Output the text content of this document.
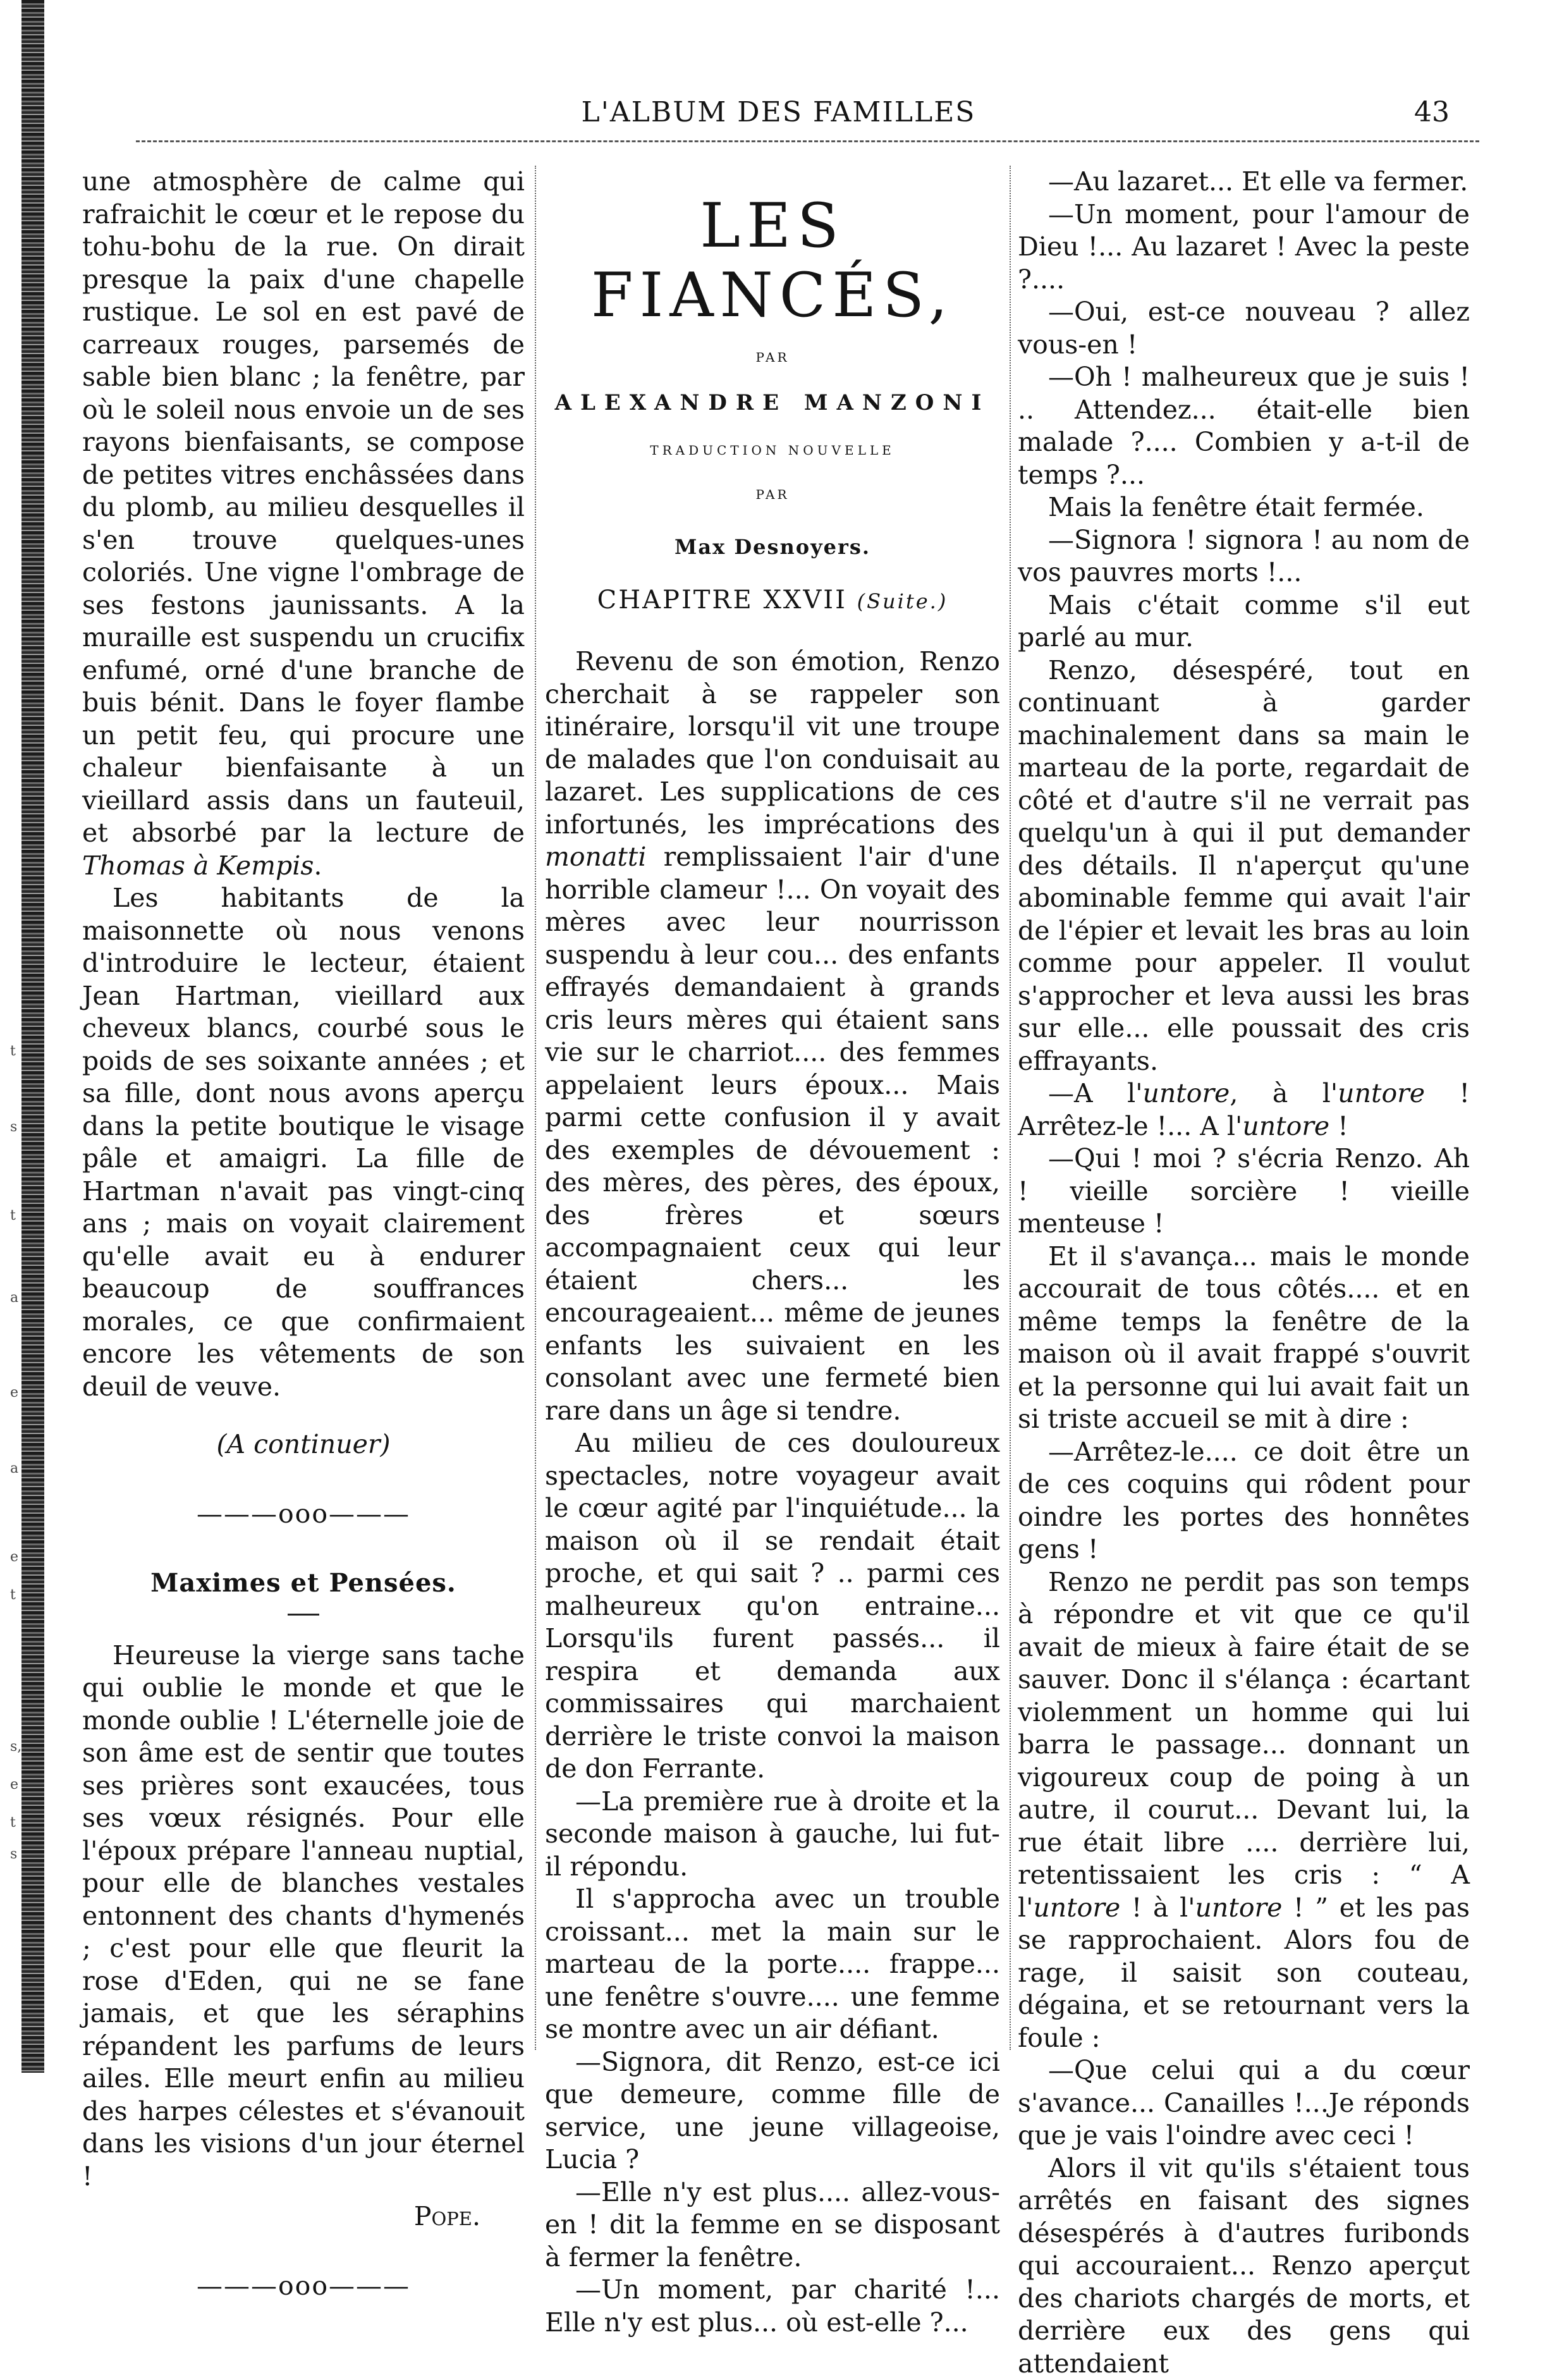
t
s
t
a
e
a
e
t
s,
e
t
s
L'ALBUM DES FAMILLES	43

une atmosphère de calme qui rafraichit le cœur et le repose du tohu-bohu de la rue. On dirait presque la paix d'une chapelle rustique. Le sol en est pavé de carreaux rouges, parsemés de sable bien blanc ; la fenêtre, par où le soleil nous envoie un de ses rayons bienfaisants, se compose de petites vitres enchâssées dans du plomb, au milieu desquelles il s'en trouve quelques-unes coloriés. Une vigne l'ombrage de ses festons jaunissants. A la muraille est suspendu un crucifix enfumé, orné d'une branche de buis bénit. Dans le foyer flambe un petit feu, qui procure une chaleur bienfaisante à un vieillard assis dans un fauteuil, et absorbé par la lecture de Thomas à Kempis.

Les habitants de la maisonnette où nous venons d'introduire le lecteur, étaient Jean Hartman, vieillard aux cheveux blancs, courbé sous le poids de ses soixante années ; et sa fille, dont nous avons aperçu dans la petite boutique le visage pâle et amaigri. La fille de Hartman n'avait pas vingt-cinq ans ; mais on voyait clairement qu'elle avait eu à endurer beaucoup de souffrances morales, ce que confirmaient encore les vêtements de son deuil de veuve.

(A continuer)

———ooo———

Maximes et Pensées.

Heureuse la vierge sans tache qui oublie le monde et que le monde oublie ! L'éternelle joie de son âme est de sentir que toutes ses prières sont exaucées, tous ses vœux résignés. Pour elle l'époux prépare l'anneau nuptial, pour elle de blanches vestales entonnent des chants d'hymenés ; c'est pour elle que fleurit la rose d'Eden, qui ne se fane jamais, et que les séraphins répandent les parfums de leurs ailes. Elle meurt enfin au milieu des harpes célestes et s'évanouit dans les visions d'un jour éternel !

Pope.

———ooo———

LES FIANCÉS,

PAR

ALEXANDRE MANZONI

TRADUCTION NOUVELLE

PAR

Max Desnoyers.

CHAPITRE XXVII (Suite.)

Revenu de son émotion, Renzo cherchait à se rappeler son itinéraire, lorsqu'il vit une troupe de malades que l'on conduisait au lazaret. Les supplications de ces infortunés, les imprécations des monatti remplissaient l'air d'une horrible clameur !... On voyait des mères avec leur nourrisson suspendu à leur cou... des enfants effrayés demandaient à grands cris leurs mères qui étaient sans vie sur le charriot.... des femmes appelaient leurs époux... Mais parmi cette confusion il y avait des exemples de dévouement : des mères, des pères, des époux, des frères et sœurs accompagnaient ceux qui leur étaient chers... les encourageaient... même de jeunes enfants les suivaient en les consolant avec une fermeté bien rare dans un âge si tendre.

Au milieu de ces douloureux spectacles, notre voyageur avait le cœur agité par l'inquiétude... la maison où il se rendait était proche, et qui sait ? .. parmi ces malheureux qu'on entraine... Lorsqu'ils furent passés... il respira et demanda aux commissaires qui marchaient derrière le triste convoi la maison de don Ferrante.

—La première rue à droite et la seconde maison à gauche, lui fut-il répondu.

Il s'approcha avec un trouble croissant... met la main sur le marteau de la porte.... frappe... une fenêtre s'ouvre.... une femme se montre avec un air défiant.

—Signora, dit Renzo, est-ce ici que demeure, comme fille de service, une jeune villageoise, Lucia ?

—Elle n'y est plus.... allez-vous-en ! dit la femme en se disposant à fermer la fenêtre.

—Un moment, par charité !... Elle n'y est plus... où est-elle ?...

—Au lazaret... Et elle va fermer.

—Un moment, pour l'amour de Dieu !... Au lazaret ! Avec la peste ?....

—Oui, est-ce nouveau ? allez vous-en !

—Oh ! malheureux que je suis ! .. Attendez... était-elle bien malade ?.... Combien y a-t-il de temps ?...

Mais la fenêtre était fermée.

—Signora ! signora ! au nom de vos pauvres morts !...

Mais c'était comme s'il eut parlé au mur.

Renzo, désespéré, tout en continuant à garder machinalement dans sa main le marteau de la porte, regardait de côté et d'autre s'il ne verrait pas quelqu'un à qui il put demander des détails. Il n'aperçut qu'une abominable femme qui avait l'air de l'épier et levait les bras au loin comme pour appeler. Il voulut s'approcher et leva aussi les bras sur elle... elle poussait des cris effrayants.

—A l'untore, à l'untore ! Arrêtez-le !... A l'untore !

—Qui ! moi ? s'écria Renzo. Ah ! vieille sorcière ! vieille menteuse !

Et il s'avança... mais le monde accourait de tous côtés.... et en même temps la fenêtre de la maison où il avait frappé s'ouvrit et la personne qui lui avait fait un si triste accueil se mit à dire :

—Arrêtez-le.... ce doit être un de ces coquins qui rôdent pour oindre les portes des honnêtes gens !

Renzo ne perdit pas son temps à répondre et vit que ce qu'il avait de mieux à faire était de se sauver. Donc il s'élança : écartant violemment un homme qui lui barra le passage... donnant un vigoureux coup de poing à un autre, il courut... Devant lui, la rue était libre .... derrière lui, retentissaient les cris : “ A l'untore ! à l'untore ! ” et les pas se rapprochaient. Alors fou de rage, il saisit son couteau, dégaina, et se retournant vers la foule :

—Que celui qui a du cœur s'avance... Canailles !...Je réponds que je vais l'oindre avec ceci !

Alors il vit qu'ils s'étaient tous arrêtés en faisant des signes désespérés à d'autres furibonds qui accouraient... Renzo aperçut des chariots chargés de morts, et derrière eux des gens qui attendaient
